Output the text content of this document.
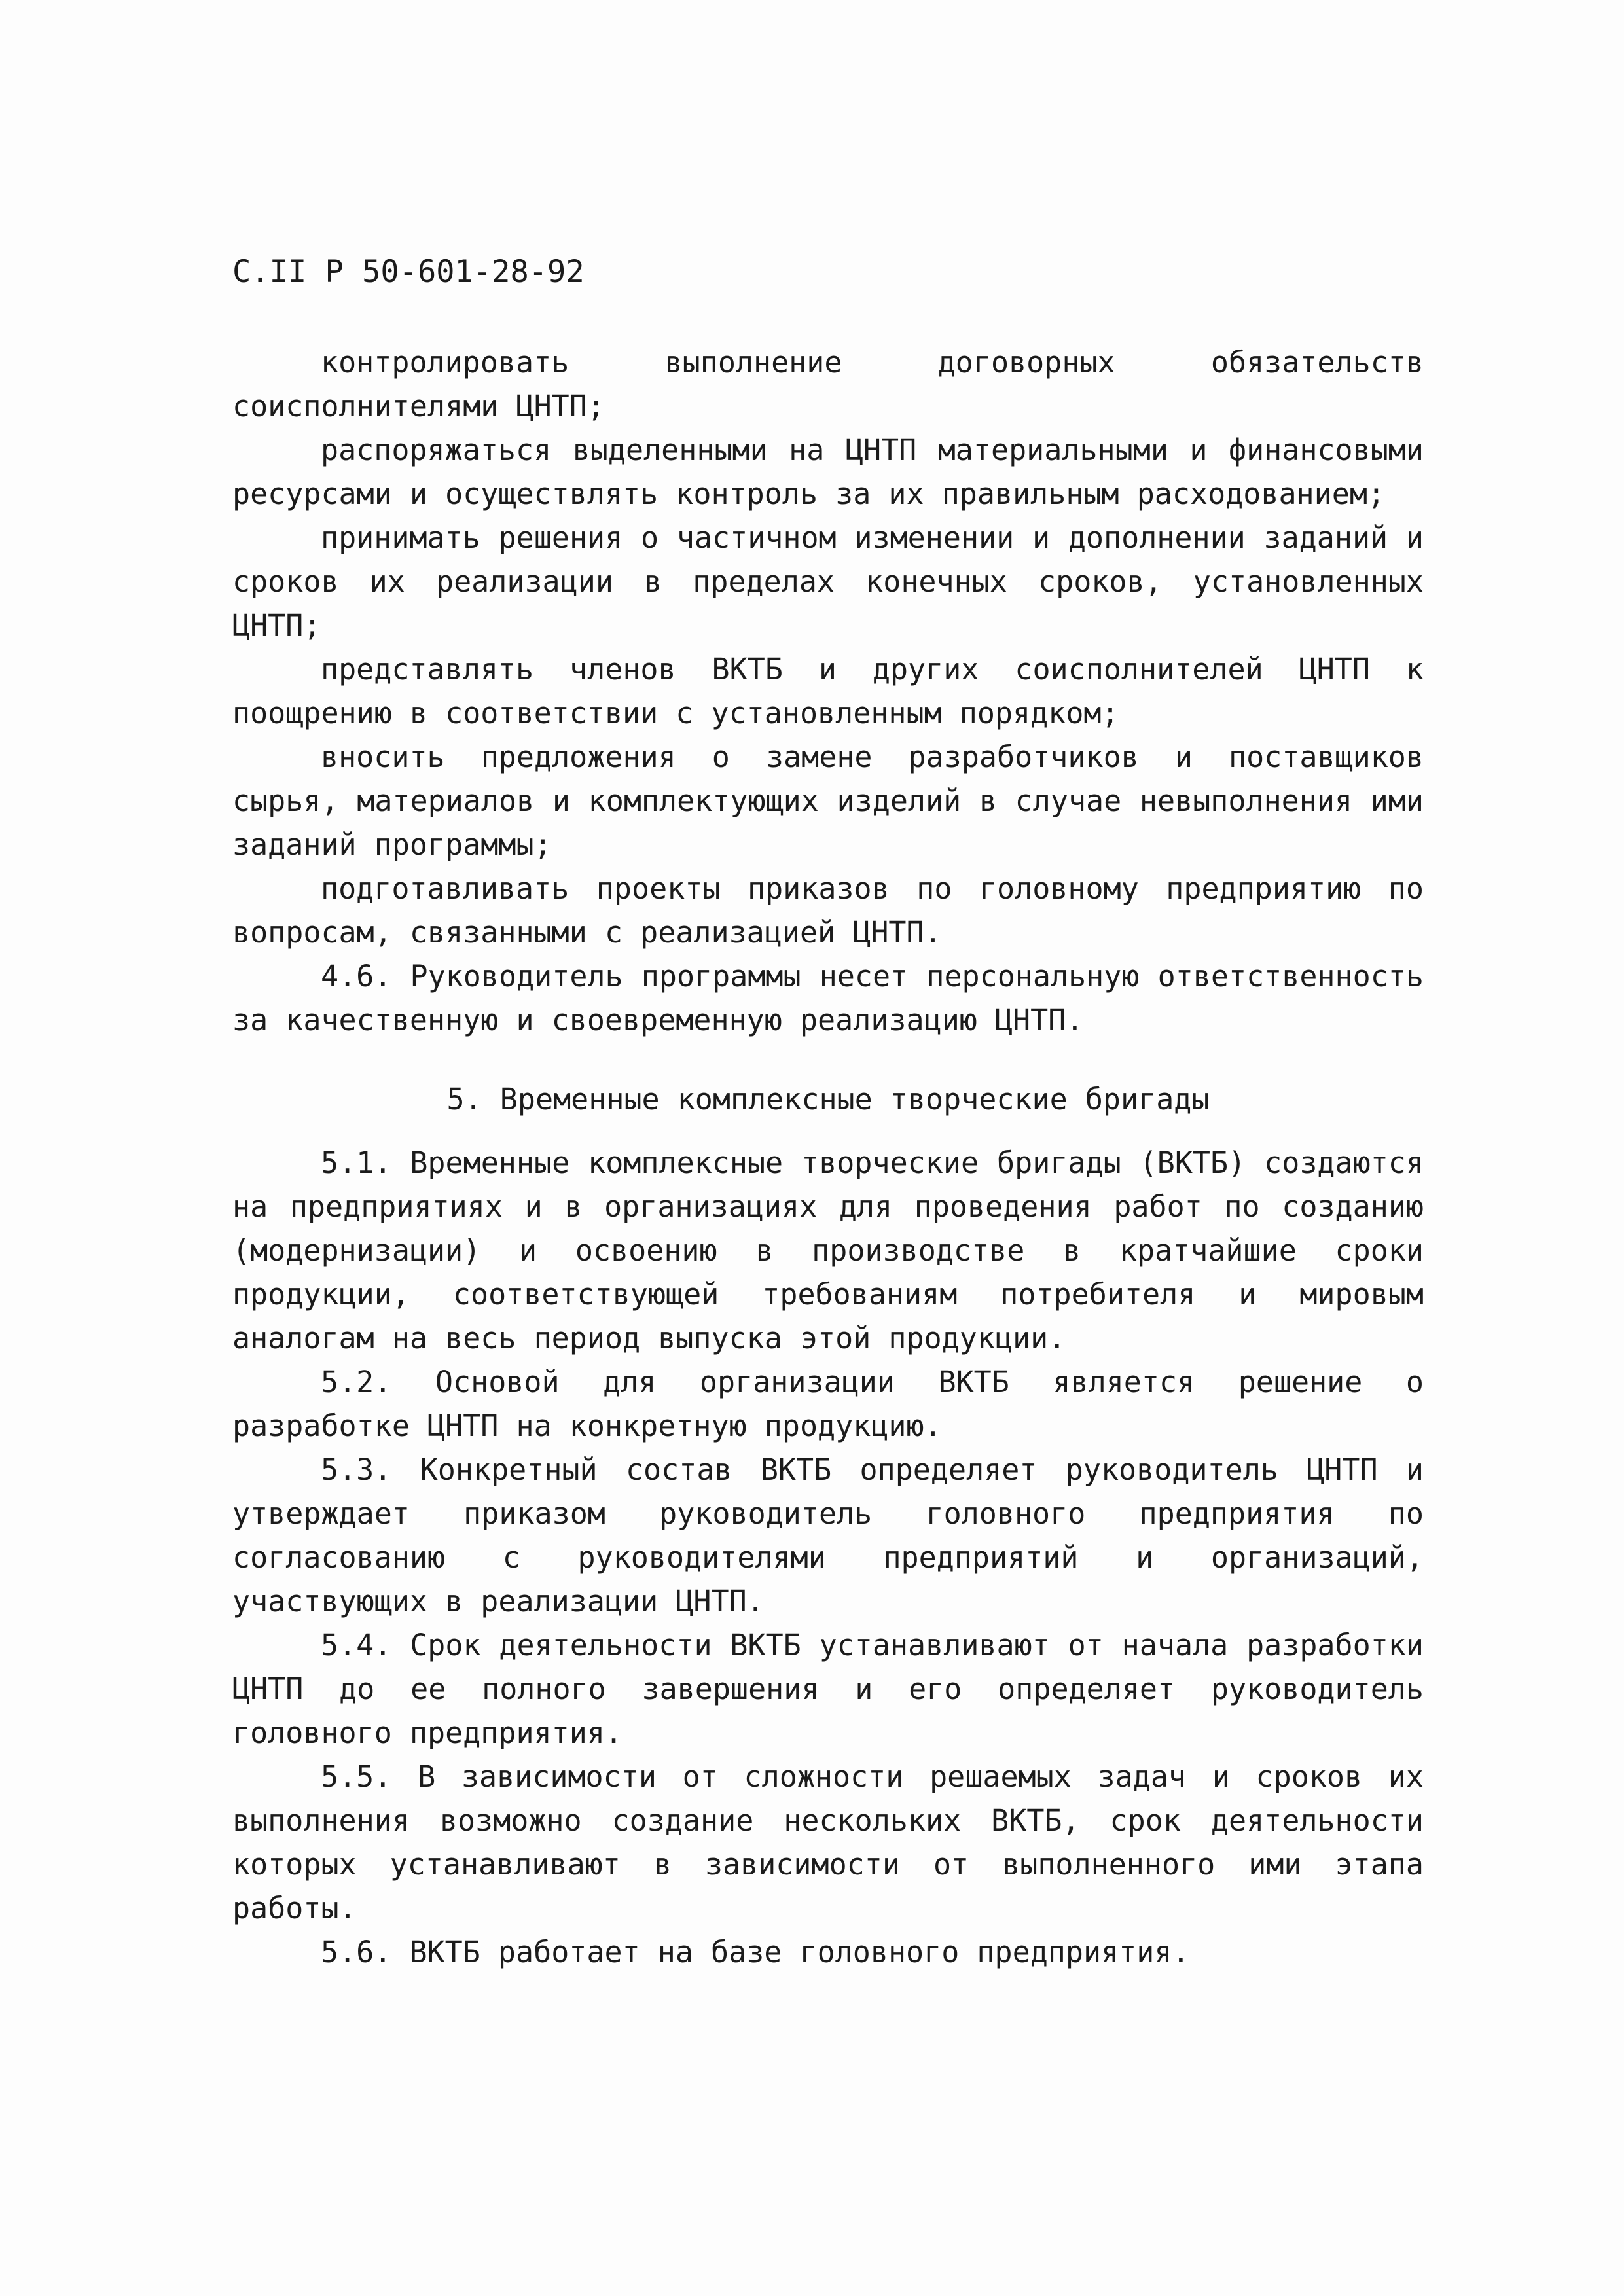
С.II Р 50-601-28-92

контролировать выполнение договорных обязательств соисполнителями ЦНТП;

распоряжаться выделенными на ЦНТП материальными и финансовыми ресурсами и осуществлять контроль за их правильным расходованием;

принимать решения о частичном изменении и дополнении заданий и сроков их реализации в пределах конечных сроков, установленных ЦНТП;

представлять членов ВКТБ и других соисполнителей ЦНТП к поощрению в соответствии с установленным порядком;

вносить предложения о замене разработчиков и поставщиков сырья, материалов и комплектующих изделий в случае невыполнения ими заданий программы;

подготавливать проекты приказов по головному предприятию по вопросам, связанными с реализацией ЦНТП.

4.6. Руководитель программы несет персональную ответственность за качественную и своевременную реализацию ЦНТП.

5. Временные комплексные творческие бригады

5.1. Временные комплексные творческие бригады (ВКТБ) создаются на предприятиях и в организациях для проведения работ по созданию (модернизации) и освоению в производстве в кратчайшие сроки продукции, соответствующей требованиям потребителя и мировым аналогам на весь период выпуска этой продукции.

5.2. Основой для организации ВКТБ является решение о разработке ЦНТП на конкретную продукцию.

5.3. Конкретный состав ВКТБ определяет руководитель ЦНТП и утверждает приказом руководитель головного предприятия по согласованию с руководителями предприятий и организаций, участвующих в реализации ЦНТП.

5.4. Срок деятельности ВКТБ устанавливают от начала разработки ЦНТП до ее полного завершения и его определяет руководитель головного предприятия.

5.5. В зависимости от сложности решаемых задач и сроков их выполнения возможно создание нескольких ВКТБ, срок деятельности которых устанавливают в зависимости от выполненного ими этапа работы.

5.6. ВКТБ работает на базе головного предприятия.
